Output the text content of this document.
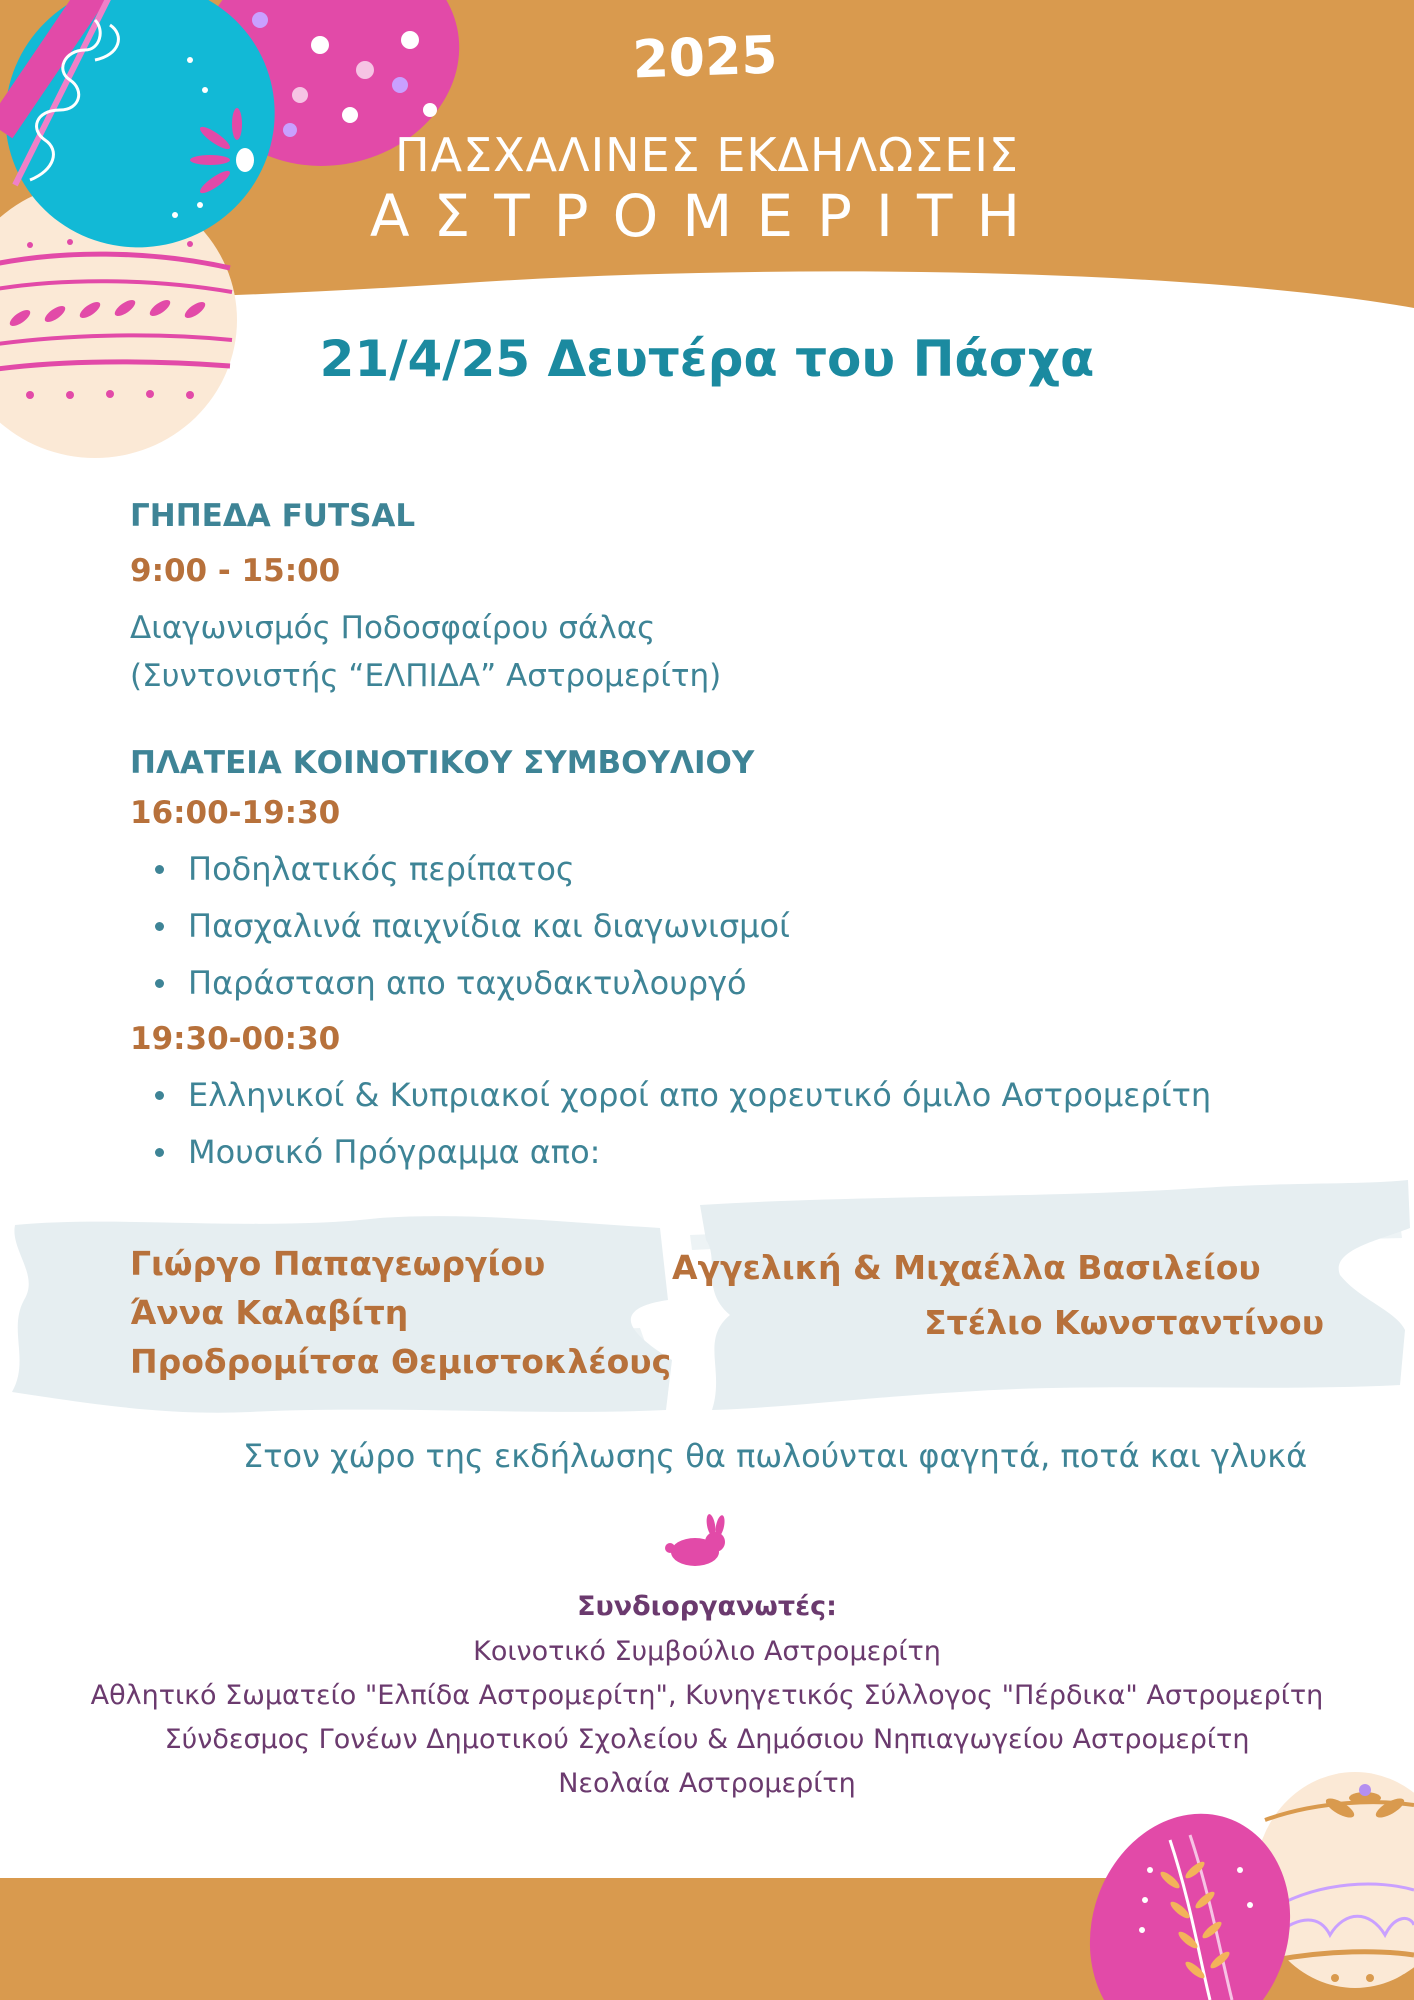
2025
ΠΑΣΧΑΛΙΝΕΣ ΕΚΔΗΛΩΣΕΙΣ
ΑΣΤΡΟΜΕΡΙΤΗ
21/4/25 Δευτέρα του Πάσχα
ΓΗΠΕΔΑ FUTSAL
9:00 - 15:00
Διαγωνισμός Ποδοσφαίρου σάλας
(Συντονιστής “ΕΛΠΙΔΑ” Αστρομερίτη)
ΠΛΑΤΕΙΑ ΚΟΙΝΟΤΙΚΟΥ ΣΥΜΒΟΥΛΙΟΥ
16:00-19:30
Ποδηλατικός περίπατος
Πασχαλινά παιχνίδια και διαγωνισμοί
Παράσταση απο ταχυδακτυλουργό
19:30-00:30
Ελληνικοί & Κυπριακοί χοροί απο χορευτικό όμιλο Αστρομερίτη
Μουσικό Πρόγραμμα απο:
Γιώργο Παπαγεωργίου
Άννα Καλαβίτη
Προδρομίτσα Θεμιστοκλέους
Αγγελική & Μιχαέλλα Βασιλείου
Στέλιο Κωνσταντίνου
Στον χώρο της εκδήλωσης θα πωλούνται φαγητά, ποτά και γλυκά
Συνδιοργανωτές:
Κοινοτικό Συμβούλιο Αστρομερίτη
Αθλητικό Σωματείο "Ελπίδα Αστρομερίτη", Κυνηγετικός Σύλλογος "Πέρδικα" Αστρομερίτη
Σύνδεσμος Γονέων Δημοτικού Σχολείου & Δημόσιου Νηπιαγωγείου Αστρομερίτη
Νεολαία Αστρομερίτη
